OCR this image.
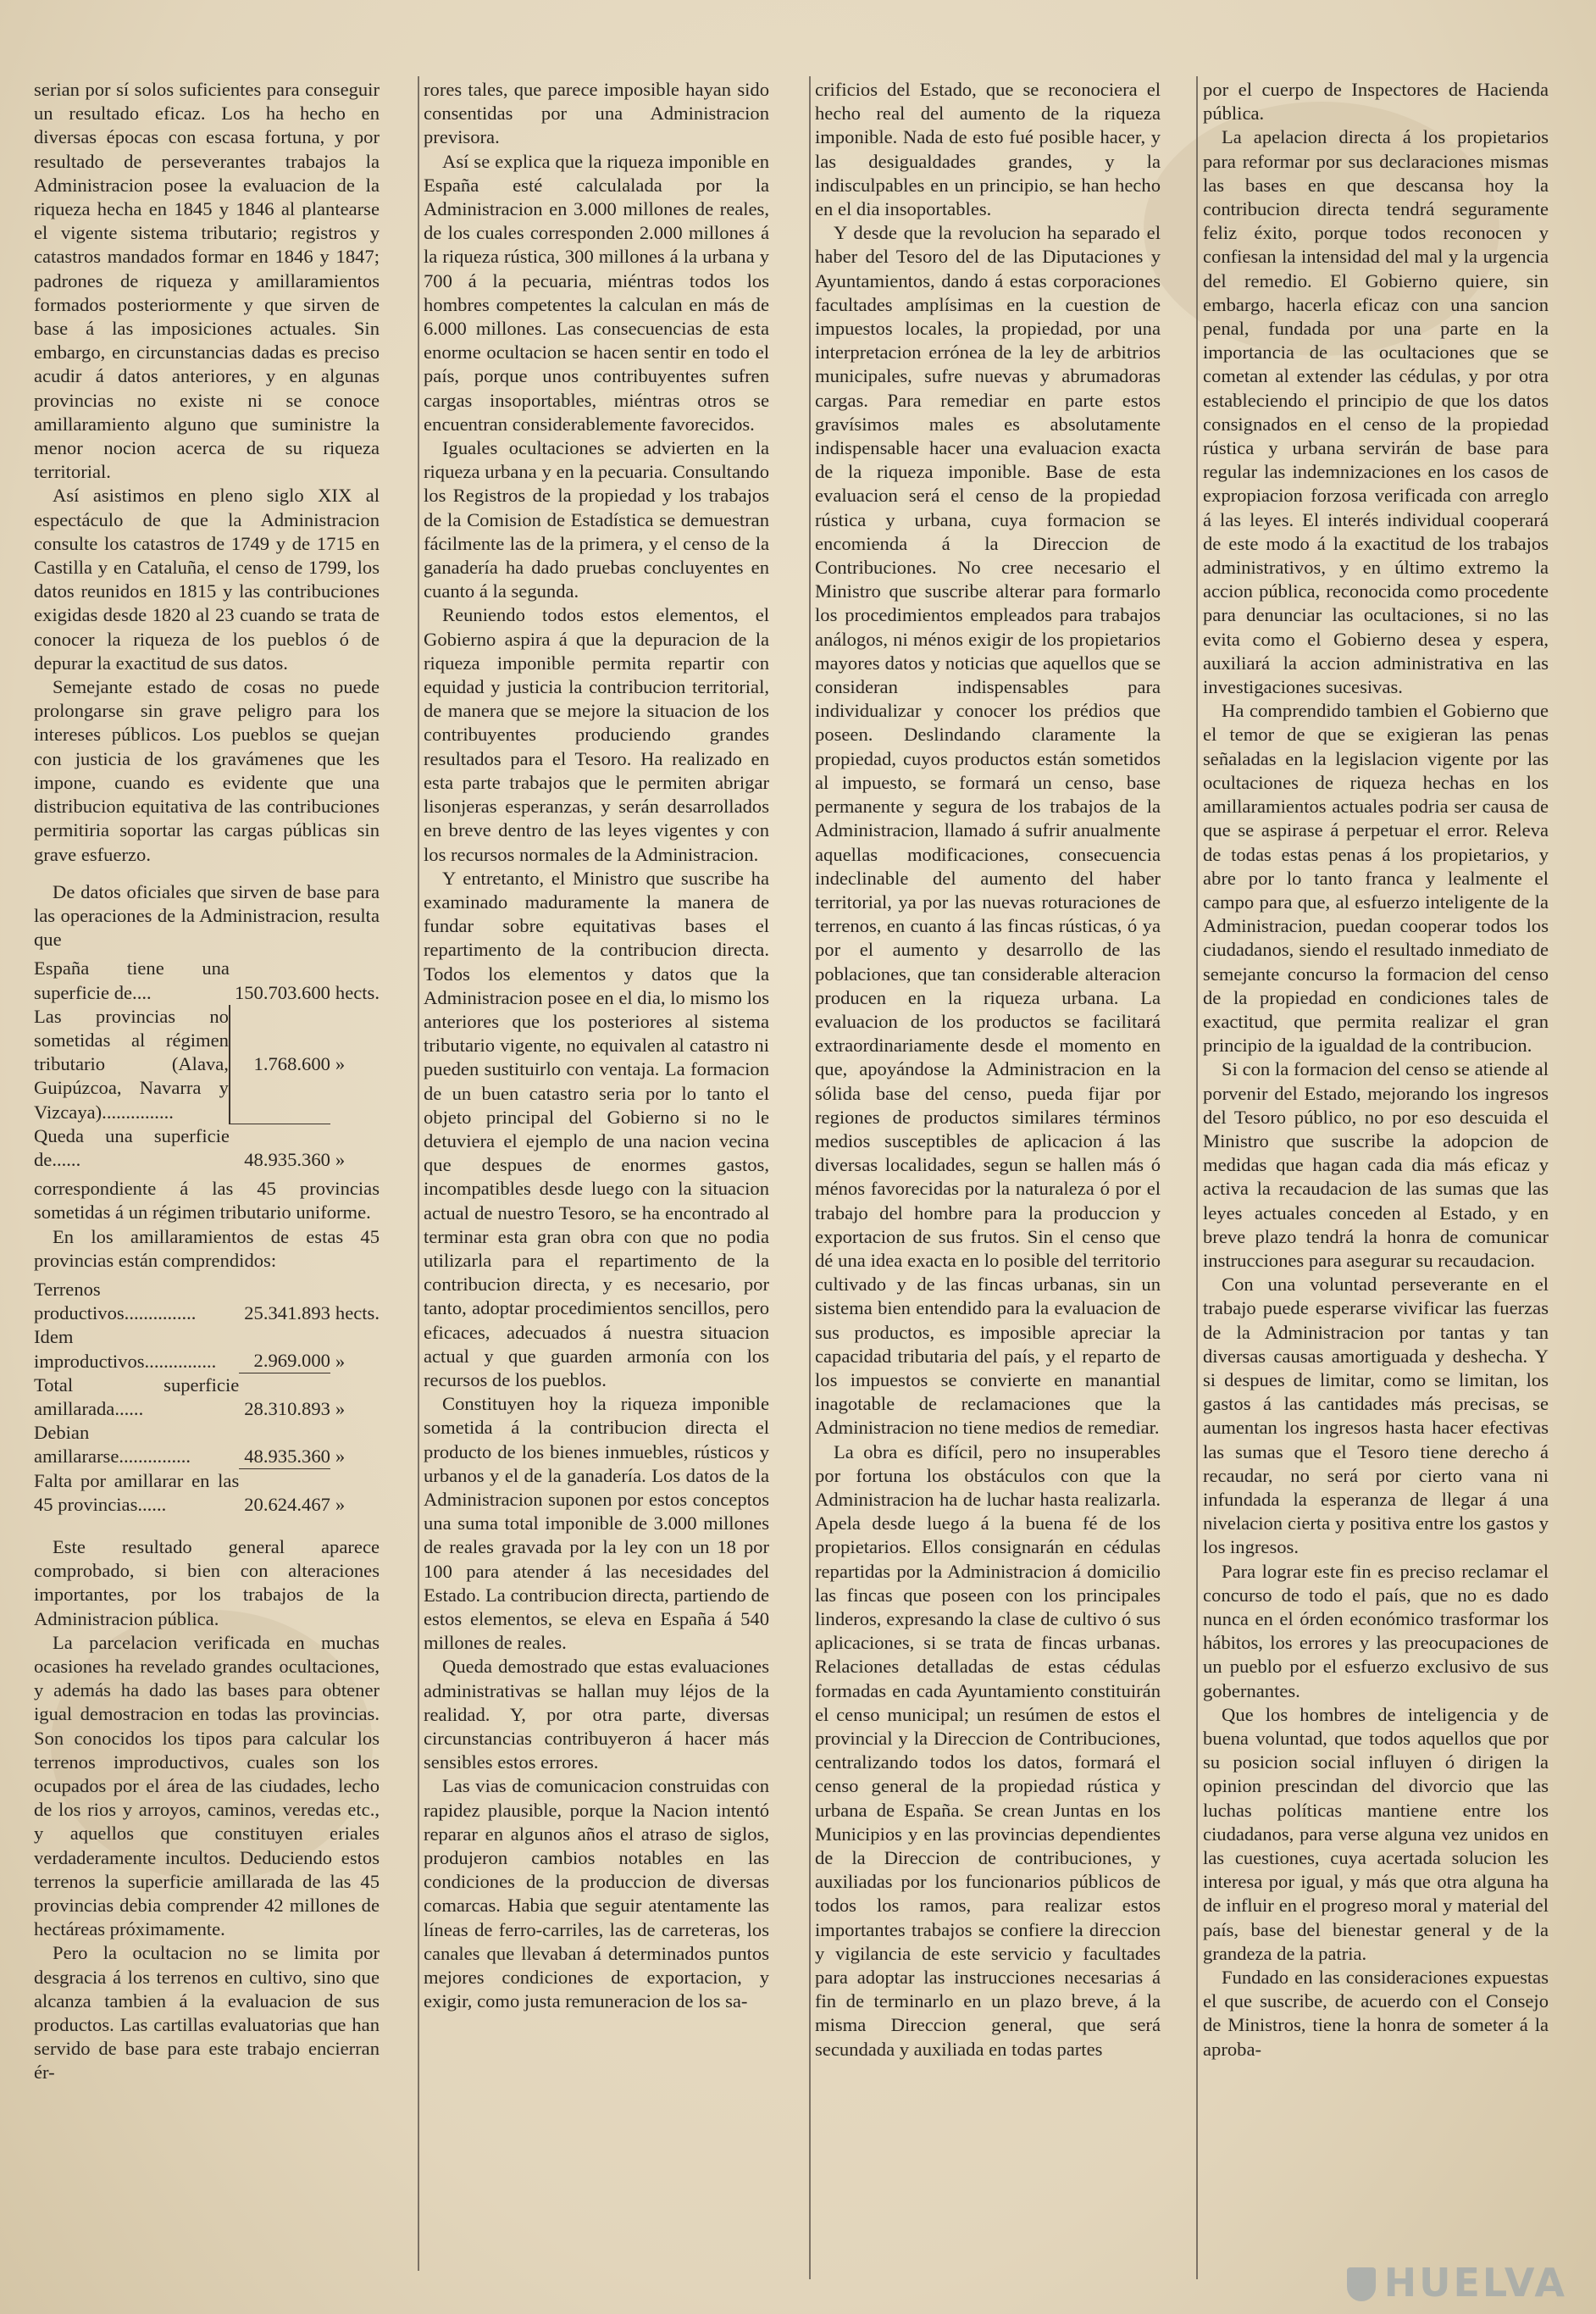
serian por sí solos suficientes para conseguir un resultado eficaz. Los ha hecho en diversas épocas con escasa fortuna, y por resultado de perseverantes trabajos la Administracion posee la evaluacion de la riqueza hecha en 1845 y 1846 al plantearse el vigente sistema tributario; registros y catastros mandados formar en 1846 y 1847; padrones de riqueza y amillaramientos formados posteriormente y que sirven de base á las imposiciones actuales. Sin embargo, en circunstancias dadas es preciso acudir á datos anteriores, y en algunas provincias no existe ni se conoce amillaramiento alguno que suministre la menor nocion acerca de su riqueza territorial.

Así asistimos en pleno siglo XIX al espectáculo de que la Administracion consulte los catastros de 1749 y de 1715 en Castilla y en Cataluña, el censo de 1799, los datos reunidos en 1815 y las contribuciones exigidas desde 1820 al 23 cuando se trata de conocer la riqueza de los pueblos ó de depurar la exactitud de sus datos.

Semejante estado de cosas no puede prolongarse sin grave peligro para los intereses públicos. Los pueblos se quejan con justicia de los gravámenes que les impone, cuando es evidente que una distribucion equitativa de las contribuciones permitiria soportar las cargas públicas sin grave esfuerzo.

De datos oficiales que sirven de base para las operaciones de la Administracion, resulta que

España tiene una superficie de....	150.703.600	hects.
Las provincias no sometidas al régimen tributario (Alava, Guipúzcoa, Navarra y Vizcaya)...............	1.768.600	»
Queda una superficie de......	48.935.360	»

correspondiente á las 45 provincias sometidas á un régimen tributario uniforme.

En los amillaramientos de estas 45 provincias están comprendidos:

Terrenos productivos...............	25.341.893	hects.
Idem improductivos...............	2.969.000	»
Total superficie amillarada......	28.310.893	»
Debian amillararse...............	48.935.360	»
Falta por amillarar en las 45 provincias......	20.624.467	»

Este resultado general aparece comprobado, si bien con alteraciones importantes, por los trabajos de la Administracion pública.

La parcelacion verificada en muchas ocasiones ha revelado grandes ocultaciones, y además ha dado las bases para obtener igual demostracion en todas las provincias. Son conocidos los tipos para calcular los terrenos improductivos, cuales son los ocupados por el área de las ciudades, lecho de los rios y arroyos, caminos, veredas etc., y aquellos que constituyen eriales verdaderamente incultos. Deduciendo estos terrenos la superficie amillarada de las 45 provincias debia comprender 42 millones de hectáreas próximamente.

Pero la ocultacion no se limita por desgracia á los terrenos en cultivo, sino que alcanza tambien á la evaluacion de sus productos. Las cartillas evaluatorias que han servido de base para este trabajo encierran ér-

rores tales, que parece imposible hayan sido consentidas por una Administracion previsora.

Así se explica que la riqueza imponible en España esté calculalada por la Administracion en 3.000 millones de reales, de los cuales corresponden 2.000 millones á la riqueza rústica, 300 millones á la urbana y 700 á la pecuaria, miéntras todos los hombres competentes la calculan en más de 6.000 millones. Las consecuencias de esta enorme ocultacion se hacen sentir en todo el país, porque unos contribuyentes sufren cargas insoportables, miéntras otros se encuentran considerablemente favorecidos.

Iguales ocultaciones se advierten en la riqueza urbana y en la pecuaria. Consultando los Registros de la propiedad y los trabajos de la Comision de Estadística se demuestran fácilmente las de la primera, y el censo de la ganadería ha dado pruebas concluyentes en cuanto á la segunda.

Reuniendo todos estos elementos, el Gobierno aspira á que la depuracion de la riqueza imponible permita repartir con equidad y justicia la contribucion territorial, de manera que se mejore la situacion de los contribuyentes produciendo grandes resultados para el Tesoro. Ha realizado en esta parte trabajos que le permiten abrigar lisonjeras esperanzas, y serán desarrollados en breve dentro de las leyes vigentes y con los recursos normales de la Administracion.

Y entretanto, el Ministro que suscribe ha examinado maduramente la manera de fundar sobre equitativas bases el repartimento de la contribucion directa. Todos los elementos y datos que la Administracion posee en el dia, lo mismo los anteriores que los posteriores al sistema tributario vigente, no equivalen al catastro ni pueden sustituirlo con ventaja. La formacion de un buen catastro seria por lo tanto el objeto principal del Gobierno si no le detuviera el ejemplo de una nacion vecina que despues de enormes gastos, incompatibles desde luego con la situacion actual de nuestro Tesoro, se ha encontrado al terminar esta gran obra con que no podia utilizarla para el repartimento de la contribucion directa, y es necesario, por tanto, adoptar procedimientos sencillos, pero eficaces, adecuados á nuestra situacion actual y que guarden armonía con los recursos de los pueblos.

Constituyen hoy la riqueza imponible sometida á la contribucion directa el producto de los bienes inmuebles, rústicos y urbanos y el de la ganadería. Los datos de la Administracion suponen por estos conceptos una suma total imponible de 3.000 millones de reales gravada por la ley con un 18 por 100 para atender á las necesidades del Estado. La contribucion directa, partiendo de estos elementos, se eleva en España á 540 millones de reales.

Queda demostrado que estas evaluaciones administrativas se hallan muy léjos de la realidad. Y, por otra parte, diversas circunstancias contribuyeron á hacer más sensibles estos errores.

Las vias de comunicacion construidas con rapidez plausible, porque la Nacion intentó reparar en algunos años el atraso de siglos, produjeron cambios notables en las condiciones de la produccion de diversas comarcas. Habia que seguir atentamente las líneas de ferro-carriles, las de carreteras, los canales que llevaban á determinados puntos mejores condiciones de exportacion, y exigir, como justa remuneracion de los sa-

crificios del Estado, que se reconociera el hecho real del aumento de la riqueza imponible. Nada de esto fué posible hacer, y las desigualdades grandes, y la indisculpables en un principio, se han hecho en el dia insoportables.

Y desde que la revolucion ha separado el haber del Tesoro del de las Diputaciones y Ayuntamientos, dando á estas corporaciones facultades amplísimas en la cuestion de impuestos locales, la propiedad, por una interpretacion errónea de la ley de arbitrios municipales, sufre nuevas y abrumadoras cargas. Para remediar en parte estos gravísimos males es absolutamente indispensable hacer una evaluacion exacta de la riqueza imponible. Base de esta evaluacion será el censo de la propiedad rústica y urbana, cuya formacion se encomienda á la Direccion de Contribuciones. No cree necesario el Ministro que suscribe alterar para formarlo los procedimientos empleados para trabajos análogos, ni ménos exigir de los propietarios mayores datos y noticias que aquellos que se consideran indispensables para individualizar y conocer los prédios que poseen. Deslindando claramente la propiedad, cuyos productos están sometidos al impuesto, se formará un censo, base permanente y segura de los trabajos de la Administracion, llamado á sufrir anualmente aquellas modificaciones, consecuencia indeclinable del aumento del haber territorial, ya por las nuevas roturaciones de terrenos, en cuanto á las fincas rústicas, ó ya por el aumento y desarrollo de las poblaciones, que tan considerable alteracion producen en la riqueza urbana. La evaluacion de los productos se facilitará extraordinariamente desde el momento en que, apoyándose la Administracion en la sólida base del censo, pueda fijar por regiones de productos similares términos medios susceptibles de aplicacion á las diversas localidades, segun se hallen más ó ménos favorecidas por la naturaleza ó por el trabajo del hombre para la produccion y exportacion de sus frutos. Sin el censo que dé una idea exacta en lo posible del territorio cultivado y de las fincas urbanas, sin un sistema bien entendido para la evaluacion de sus productos, es imposible apreciar la capacidad tributaria del país, y el reparto de los impuestos se convierte en manantial inagotable de reclamaciones que la Administracion no tiene medios de remediar.

La obra es difícil, pero no insuperables por fortuna los obstáculos con que la Administracion ha de luchar hasta realizarla. Apela desde luego á la buena fé de los propietarios. Ellos consignarán en cédulas repartidas por la Administracion á domicilio las fincas que poseen con los principales linderos, expresando la clase de cultivo ó sus aplicaciones, si se trata de fincas urbanas. Relaciones detalladas de estas cédulas formadas en cada Ayuntamiento constituirán el censo municipal; un resúmen de estos el provincial y la Direccion de Contribuciones, centralizando todos los datos, formará el censo general de la propiedad rústica y urbana de España. Se crean Juntas en los Municipios y en las provincias dependientes de la Direccion de contribuciones, y auxiliadas por los funcionarios públicos de todos los ramos, para realizar estos importantes trabajos se confiere la direccion y vigilancia de este servicio y facultades para adoptar las instrucciones necesarias á fin de terminarlo en un plazo breve, á la misma Direccion general, que será secundada y auxiliada en todas partes

por el cuerpo de Inspectores de Hacienda pública.

La apelacion directa á los propietarios para reformar por sus declaraciones mismas las bases en que descansa hoy la contribucion directa tendrá seguramente feliz éxito, porque todos reconocen y confiesan la intensidad del mal y la urgencia del remedio. El Gobierno quiere, sin embargo, hacerla eficaz con una sancion penal, fundada por una parte en la importancia de las ocultaciones que se cometan al extender las cédulas, y por otra estableciendo el principio de que los datos consignados en el censo de la propiedad rústica y urbana servirán de base para regular las indemnizaciones en los casos de expropiacion forzosa verificada con arreglo á las leyes. El interés individual cooperará de este modo á la exactitud de los trabajos administrativos, y en último extremo la accion pública, reconocida como procedente para denunciar las ocultaciones, si no las evita como el Gobierno desea y espera, auxiliará la accion administrativa en las investigaciones sucesivas.

Ha comprendido tambien el Gobierno que el temor de que se exigieran las penas señaladas en la legislacion vigente por las ocultaciones de riqueza hechas en los amillaramientos actuales podria ser causa de que se aspirase á perpetuar el error. Releva de todas estas penas á los propietarios, y abre por lo tanto franca y lealmente el campo para que, al esfuerzo inteligente de la Administracion, puedan cooperar todos los ciudadanos, siendo el resultado inmediato de semejante concurso la formacion del censo de la propiedad en condiciones tales de exactitud, que permita realizar el gran principio de la igualdad de la contribucion.

Si con la formacion del censo se atiende al porvenir del Estado, mejorando los ingresos del Tesoro público, no por eso descuida el Ministro que suscribe la adopcion de medidas que hagan cada dia más eficaz y activa la recaudacion de las sumas que las leyes actuales conceden al Estado, y en breve plazo tendrá la honra de comunicar instrucciones para asegurar su recaudacion.

Con una voluntad perseverante en el trabajo puede esperarse vivificar las fuerzas de la Administracion por tantas y tan diversas causas amortiguada y deshecha. Y si despues de limitar, como se limitan, los gastos á las cantidades más precisas, se aumentan los ingresos hasta hacer efectivas las sumas que el Tesoro tiene derecho á recaudar, no será por cierto vana ni infundada la esperanza de llegar á una nivelacion cierta y positiva entre los gastos y los ingresos.

Para lograr este fin es preciso reclamar el concurso de todo el país, que no es dado nunca en el órden económico trasformar los hábitos, los errores y las preocupaciones de un pueblo por el esfuerzo exclusivo de sus gobernantes.

Que los hombres de inteligencia y de buena voluntad, que todos aquellos que por su posicion social influyen ó dirigen la opinion prescindan del divorcio que las luchas políticas mantiene entre los ciudadanos, para verse alguna vez unidos en las cuestiones, cuya acertada solucion les interesa por igual, y más que otra alguna ha de influir en el progreso moral y material del país, base del bienestar general y de la grandeza de la patria.

Fundado en las consideraciones expuestas el que suscribe, de acuerdo con el Consejo de Ministros, tiene la honra de someter á la aproba-

HUELVA
